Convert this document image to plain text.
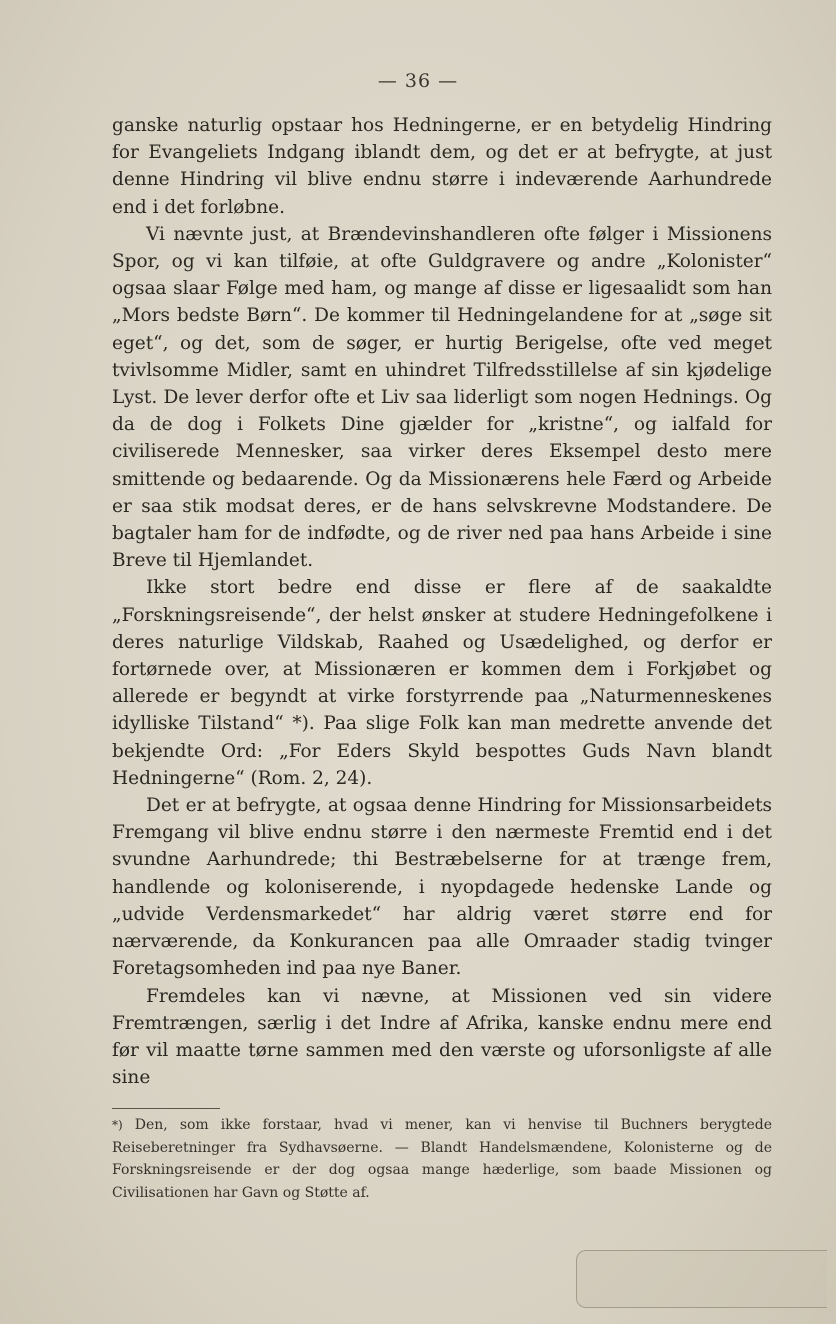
— 36 —

ganske naturlig opstaar hos Hedningerne, er en betydelig Hindring for Evangeliets Indgang iblandt dem, og det er at befrygte, at just denne Hindring vil blive endnu større i indeværende Aarhundrede end i det forløbne.

Vi nævnte just, at Brændevinshandleren ofte følger i Missionens Spor, og vi kan tilføie, at ofte Guldgravere og andre „Kolonister“ ogsaa slaar Følge med ham, og mange af disse er ligesaalidt som han „Mors bedste Børn“. De kommer til Hedningelandene for at „søge sit eget“, og det, som de søger, er hurtig Berigelse, ofte ved meget tvivlsomme Midler, samt en uhindret Tilfredsstillelse af sin kjødelige Lyst. De lever derfor ofte et Liv saa liderligt som nogen Hednings. Og da de dog i Folkets Dine gjælder for „kristne“, og ialfald for civiliserede Mennesker, saa virker deres Eksempel desto mere smittende og bedaarende. Og da Missionærens hele Færd og Arbeide er saa stik modsat deres, er de hans selvskrevne Modstandere. De bagtaler ham for de indfødte, og de river ned paa hans Arbeide i sine Breve til Hjemlandet.

Ikke stort bedre end disse er flere af de saakaldte „Forskningsreisende“, der helst ønsker at studere Hedningefolkene i deres naturlige Vildskab, Raahed og Usædelighed, og derfor er fortørnede over, at Missionæren er kommen dem i Forkjøbet og allerede er begyndt at virke forstyrrende paa „Naturmenneskenes idylliske Tilstand“ *). Paa slige Folk kan man medrette anvende det bekjendte Ord: „For Eders Skyld bespottes Guds Navn blandt Hedningerne“ (Rom. 2, 24).

Det er at befrygte, at ogsaa denne Hindring for Missionsarbeidets Fremgang vil blive endnu større i den nærmeste Fremtid end i det svundne Aarhundrede; thi Bestræbelserne for at trænge frem, handlende og koloniserende, i nyopdagede hedenske Lande og „udvide Verdensmarkedet“ har aldrig været større end for nærværende, da Konkurancen paa alle Omraader stadig tvinger Foretagsomheden ind paa nye Baner.

Fremdeles kan vi nævne, at Missionen ved sin videre Fremtrængen, særlig i det Indre af Afrika, kanske endnu mere end før vil maatte tørne sammen med den værste og uforsonligste af alle sine

*) Den, som ikke forstaar, hvad vi mener, kan vi henvise til Buchners berygtede Reiseberetninger fra Sydhavsøerne. — Blandt Handelsmændene, Kolonisterne og de Forskningsreisende er der dog ogsaa mange hæderlige, som baade Missionen og Civilisationen har Gavn og Støtte af.
